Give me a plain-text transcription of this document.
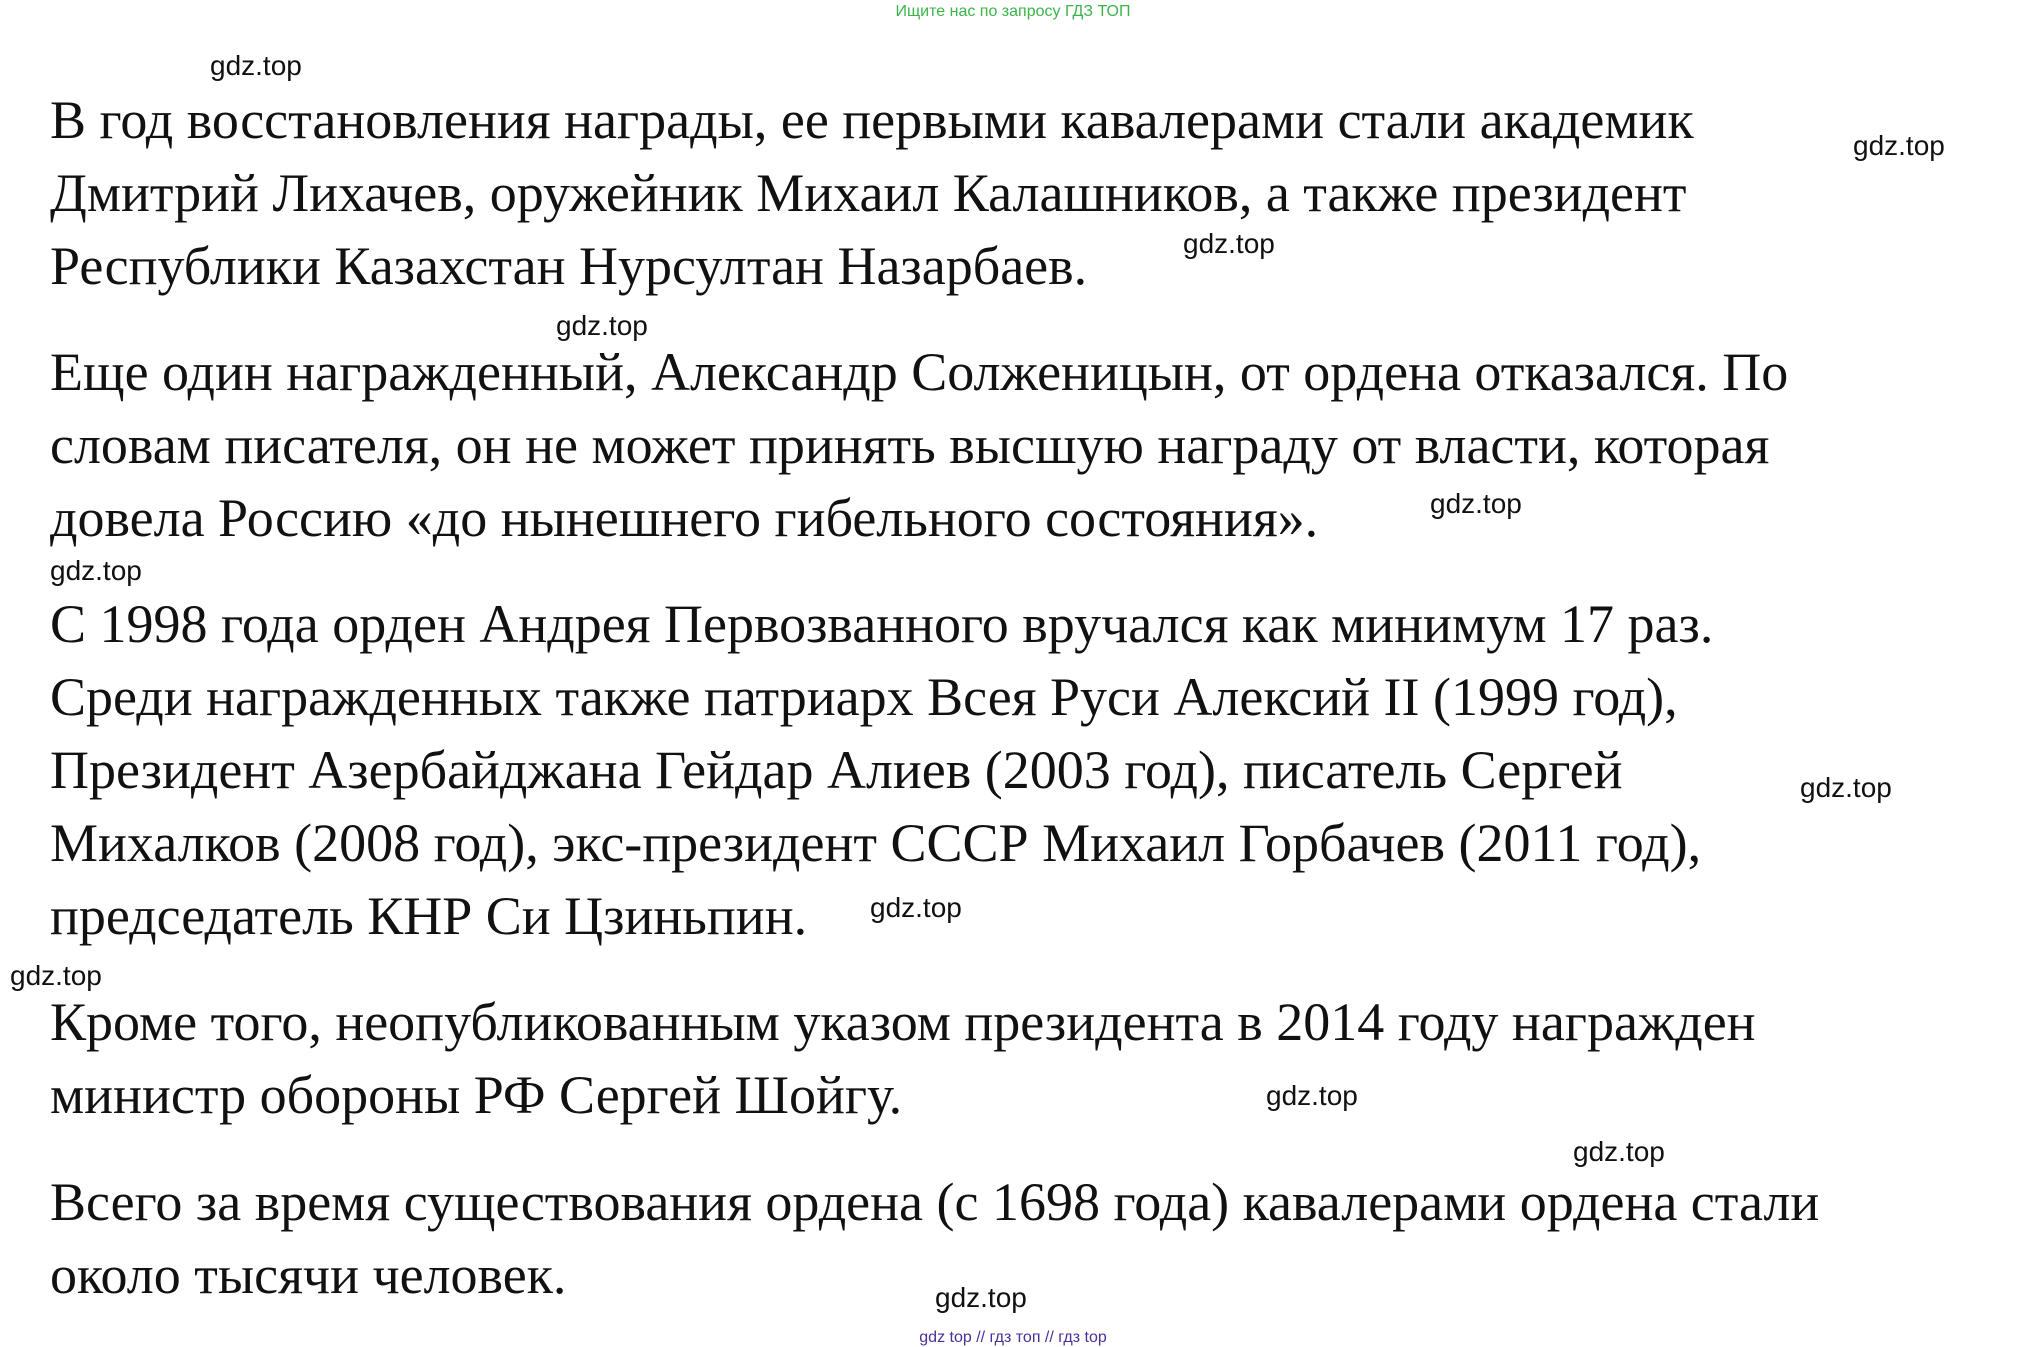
Ищите нас по запросу ГДЗ ТОП
gdz.top
gdz.top
gdz.top
gdz.top
gdz.top
gdz.top
gdz.top
gdz.top
gdz.top
gdz.top
gdz.top
gdz.top
В год восстановления награды, ее первыми кавалерами стали академик
Дмитрий Лихачев, оружейник Михаил Калашников, а также президент
Республики Казахстан Нурсултан Назарбаев.
Еще один награжденный, Александр Солженицын, от ордена отказался. По
словам писателя, он не может принять высшую награду от власти, которая
довела Россию «до нынешнего гибельного состояния».
С 1998 года орден Андрея Первозванного вручался как минимум 17 раз.
Среди награжденных также патриарх Всея Руси Алексий II (1999 год),
Президент Азербайджана Гейдар Алиев (2003 год), писатель Сергей
Михалков (2008 год), экс-президент СССР Михаил Горбачев (2011 год),
председатель КНР Си Цзиньпин.
Кроме того, неопубликованным указом президента в 2014 году награжден
министр обороны РФ Сергей Шойгу.
Всего за время существования ордена (с 1698 года) кавалерами ордена стали
около тысячи человек.
gdz top // гдз топ // гдз top
